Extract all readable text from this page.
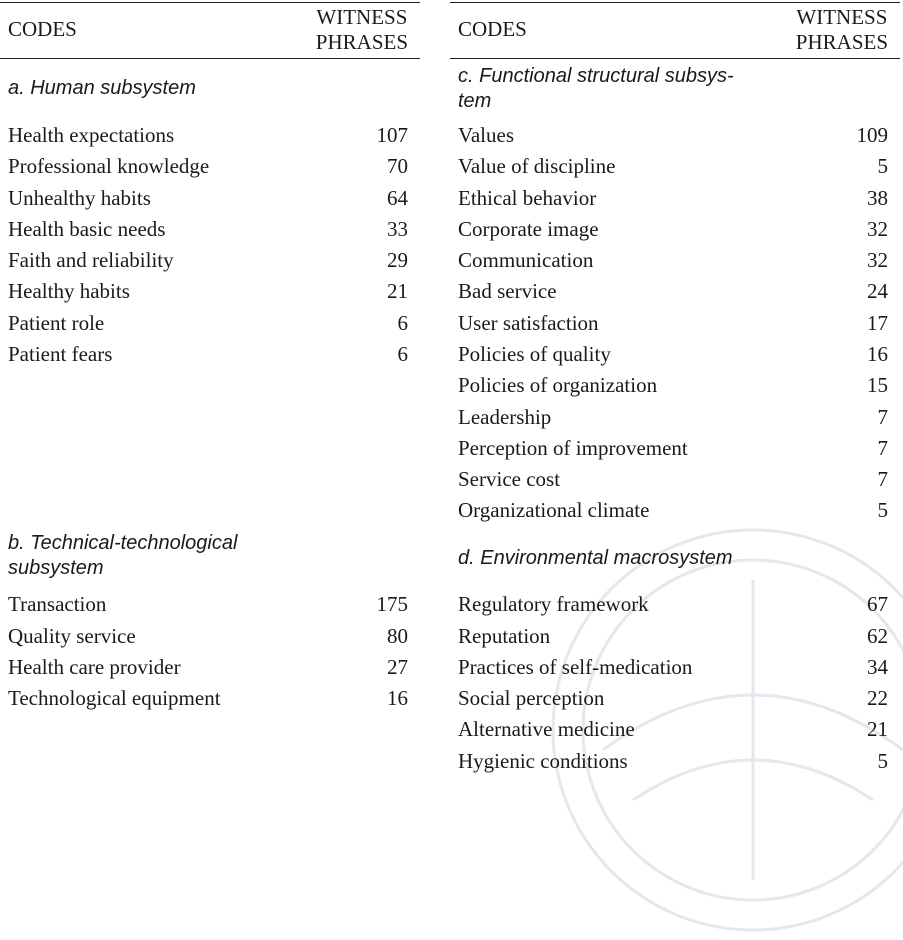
CODES	WITNESS
PHRASES
a. Human subsystem
Health expectations	107
Professional knowledge	70
Unhealthy habits	64
Health basic needs	33
Faith and reliability	29
Healthy habits	21
Patient role	6
Patient fears	6
b. Technical-technological
subsystem
Transaction	175
Quality service	80
Health care provider	27
Technological equipment	16
CODES	WITNESS
PHRASES
c. Functional structural subsys-
tem
Values	109
Value of discipline	5
Ethical behavior	38
Corporate image	32
Communication	32
Bad service	24
User satisfaction	17
Policies of quality	16
Policies of organization	15
Leadership	7
Perception of improvement	7
Service cost	7
Organizational climate	5
d. Environmental macrosystem
Regulatory framework	67
Reputation	62
Practices of self-medication	34
Social perception	22
Alternative medicine	21
Hygienic conditions	5
